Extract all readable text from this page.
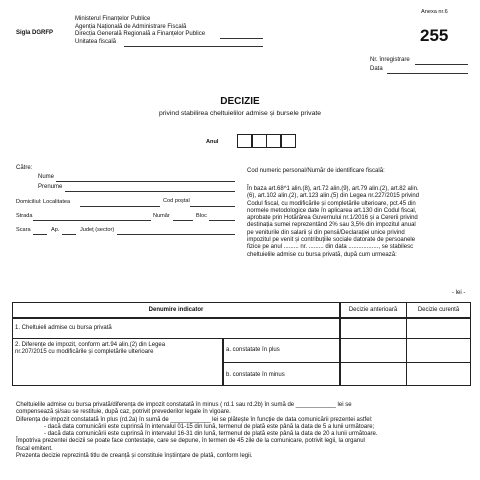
Sigla DGRFP
Ministerul Finanțelor Publice
Agenția Națională de Administrare Fiscală
Direcția Generală Regională a Finanțelor Publice
Unitatea fiscală
Anexa nr.6
255
Nr. înregistrare
Data
DECIZIE
privind stabilirea cheltuielilor admise și bursele private
Anul
Către:
Nume
Prenume
Domiciliul: Localitatea	Cod poștal
Strada	Număr	Bloc
Scara	Ap.	Județ (sector)
Cod numeric personal/Număr de identificare fiscală:
În baza art.68^1 alin.(8), art.72 alin.(9), art.79 alin.(2), art.82 alin.
(6), art.102 alin.(2), art.123 alin.(5) din Legea nr.227/2015 privind
Codul fiscal, cu modificările și completările ulterioare, pct.45 din
normele metodologice date în aplicarea art.130 din Codul fiscal,
aprobate prin Hotărârea Guvernului nr.1/2016 și a Cererii privind
destinația sumei reprezentând 2% sau 3,5% din impozitul anual
pe veniturile din salarii și din pensii/Declarației unice privind
impozitul pe venit și contribuțiile sociale datorate de persoanele
fizice pe anul ......... nr. ......... din data .................., se stabilesc
cheltuielile admise cu bursa privată, după cum urmează:
- lei -
Denumire indicator	Decizie anterioară	Decizie curentă
1. Cheltuieli admise cu bursa privată
2. Diferențe de impozit, conform art.94 alin.(2) din Legea
nr.207/2015 cu modificările și completările ulterioare	a. constatate în plus
b. constatate în minus
Cheltuielile admise cu bursa privată/diferența de impozit constatată în minus ( rd.1 sau rd.2b) în sumă de ____________ lei se
compensează și/sau se restituie, după caz, potrivit prevederilor legale în vigoare.
Diferența de impozit constatată în plus (rd.2a) în sumă de ____________ lei se plătește în funcție de data comunicării prezentei astfel:
- dacă data comunicării este cuprinsă în intervalul 01-15 din lună, termenul de plată este până la data de 5 a lunii următoare;
- dacă data comunicării este cuprinsă în intervalul 16-31 din lună, termenul de plată este până la data de 20 a lunii următoare.
Împotriva prezentei decizii se poate face contestație, care se depune, în termen de 45 zile de la comunicare, potrivit legii, la organul
fiscal emitent.
Prezenta decizie reprezintă titlu de creanță și constituie înștiințare de plată, conform legii.
